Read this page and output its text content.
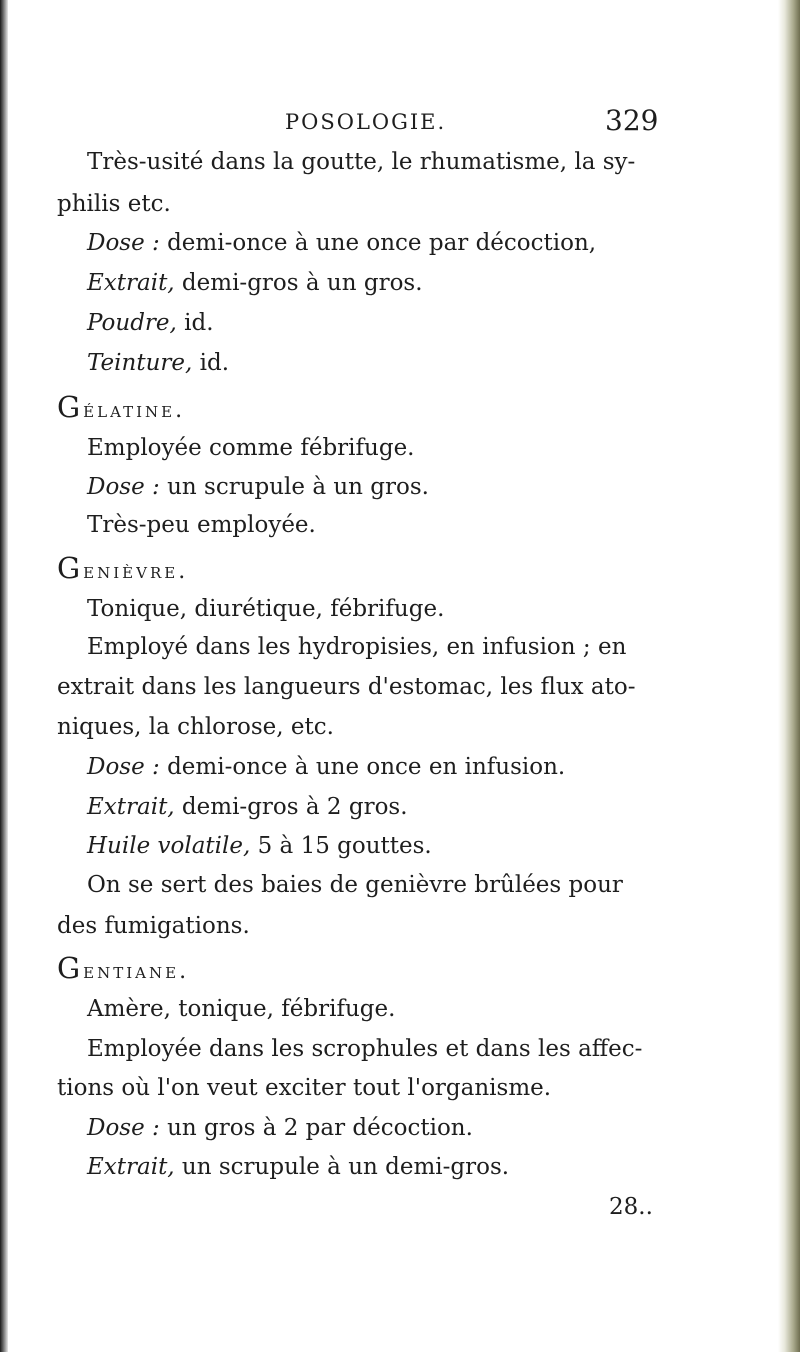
POSOLOGIE.	329
Très-usité dans la goutte, le rhumatisme, la sy-
philis etc.
Dose : demi-once à une once par décoction,
Extrait, demi-gros à un gros.
Poudre, id.
Teinture, id.
Gélatine.
Employée comme fébrifuge.
Dose : un scrupule à un gros.
Très-peu employée.
Genièvre.
Tonique, diurétique, fébrifuge.
Employé dans les hydropisies, en infusion ; en
extrait dans les langueurs d'estomac, les flux ato-
niques, la chlorose, etc.
Dose : demi-once à une once en infusion.
Extrait, demi-gros à 2 gros.
Huile volatile, 5 à 15 gouttes.
On se sert des baies de genièvre brûlées pour
des fumigations.
Gentiane.
Amère, tonique, fébrifuge.
Employée dans les scrophules et dans les affec-
tions où l'on veut exciter tout l'organisme.
Dose : un gros à 2 par décoction.
Extrait, un scrupule à un demi-gros.
28..
